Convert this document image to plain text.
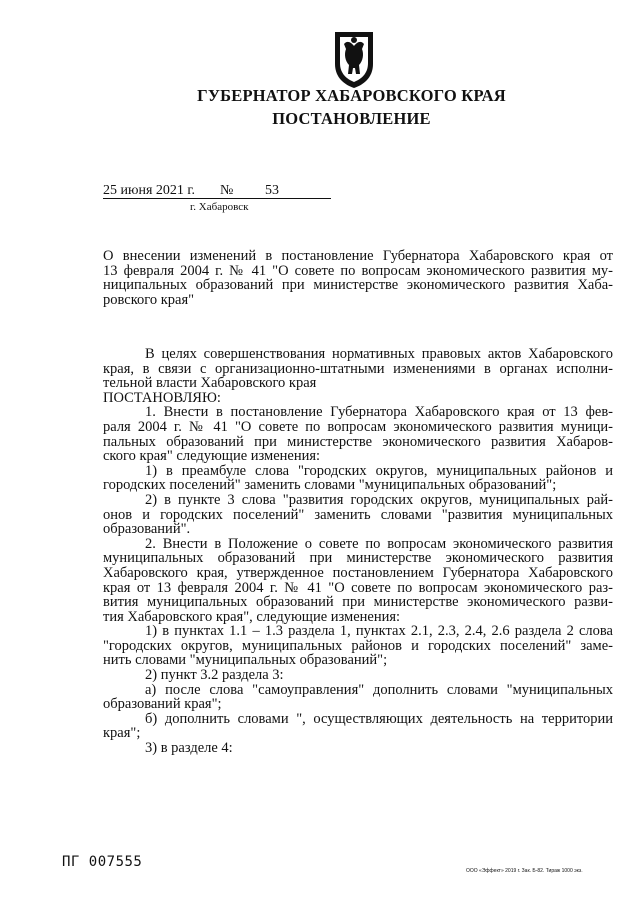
ГУБЕРНАТОР ХАБАРОВСКОГО КРАЯ
ПОСТАНОВЛЕНИЕ
25 июня 2021 г. № 53
г. Хабаровск

О внесении изменений в постановление Губернатора Хабаровского края от

13 февраля 2004 г. № 41 "О совете по вопросам экономического развития му-

ниципальных образований при министерстве экономического развития Хаба-

ровского края"

В целях совершенствования нормативных правовых актов Хабаровского

края, в связи с организационно-штатными изменениями в органах исполни-

тельной власти Хабаровского края

ПОСТАНОВЛЯЮ:

1. Внести в постановление Губернатора Хабаровского края от 13 фев-

раля 2004 г. № 41 "О совете по вопросам экономического развития муници-

пальных образований при министерстве экономического развития Хабаров-

ского края" следующие изменения:

1) в преамбуле слова "городских округов, муниципальных районов и

городских поселений" заменить словами "муниципальных образований";

2) в пункте 3 слова "развития городских округов, муниципальных рай-

онов и городских поселений" заменить словами "развития муниципальных

образований".

2. Внести в Положение о совете по вопросам экономического развития

муниципальных образований при министерстве экономического развития

Хабаровского края, утвержденное постановлением Губернатора Хабаровского

края от 13 февраля 2004 г. № 41 "О совете по вопросам экономического раз-

вития муниципальных образований при министерстве экономического разви-

тия Хабаровского края", следующие изменения:

1) в пунктах 1.1 – 1.3 раздела 1, пунктах 2.1, 2.3, 2.4, 2.6 раздела 2 слова

"городских округов, муниципальных районов и городских поселений" заме-

нить словами "муниципальных образований";

2) пункт 3.2 раздела 3:

а) после слова "самоуправления" дополнить словами "муниципальных

образований края";

б) дополнить словами ", осуществляющих деятельность на территории

края";

3) в разделе 4:

ПГ 007555
ООО «Эффект» 2019 г. Зак. Б-82. Тираж 1000 экз.
